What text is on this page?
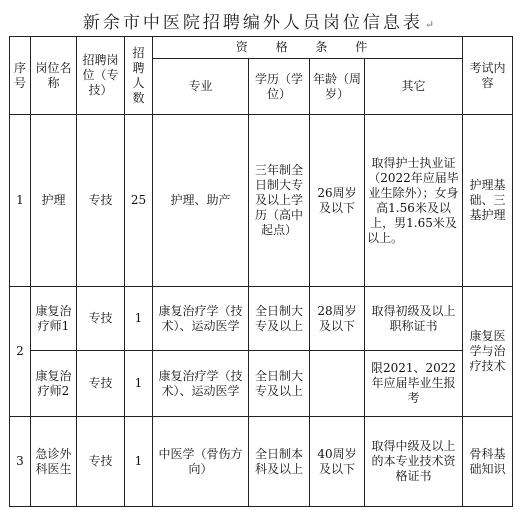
新余市中医院招聘编外人员岗位信息表 ↵
序号	岗位名称	招聘岗位（专技）	招聘人数	资 格 条 件				考试内容
				专业	学历（学位）	年龄（周岁）	其它	
1	护理	专技	25	护理、助产	三年制全日制大专及以上学历（高中起点）	26周岁及以下	取得护士执业证（2022年应届毕业生除外）；女身高1.56米及以上，男1.65米及以上。	护理基础、三基护理
2	康复治疗师1	专技	1	康复治疗学（技术）、运动医学	全日制大专及以上	28周岁及以下	取得初级及以上职称证书	康复医学与治疗技术
	康复治疗师2	专技	1	康复治疗学（技术）、运动医学	全日制大专及以上		限2021、2022年应届毕业生报考	
3	急诊外科医生	专技	1	中医学（骨伤方向）	全日制本科及以上	40周岁及以下	取得中级及以上的本专业技术资格证书	骨科基础知识
